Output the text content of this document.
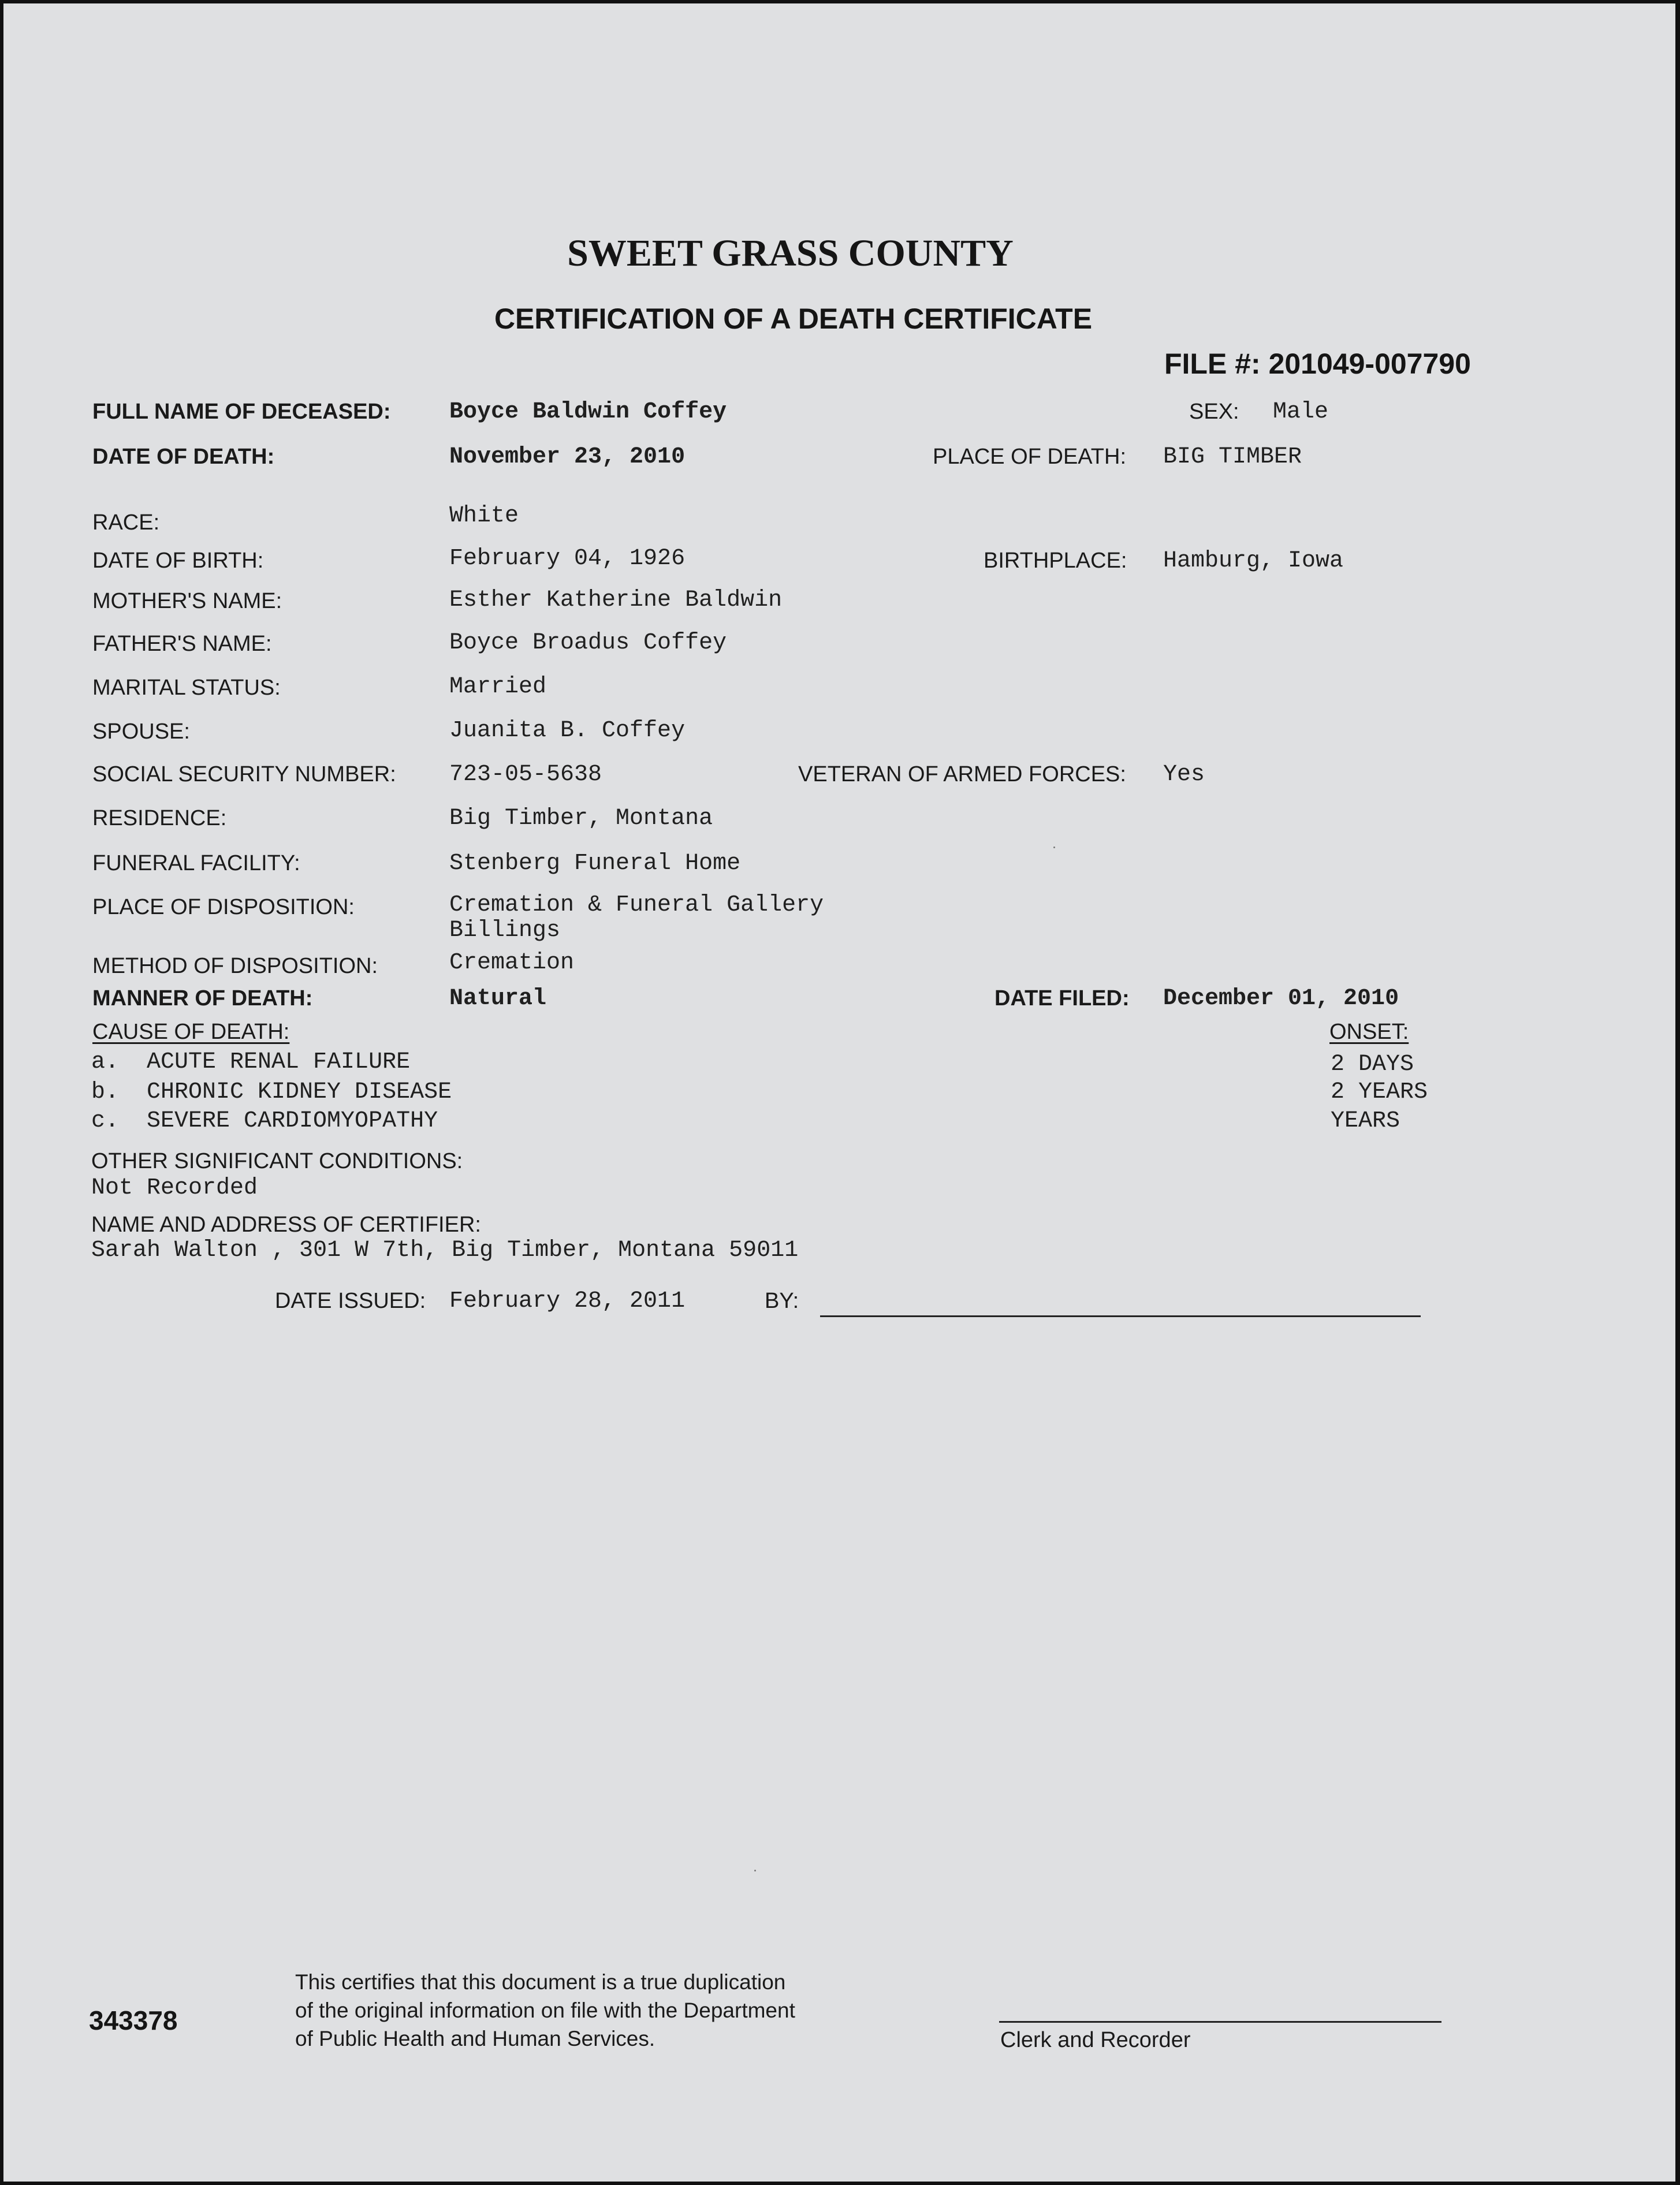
SWEET GRASS COUNTY
CERTIFICATION OF A DEATH CERTIFICATE
FILE #: 201049-007790
FULL NAME OF DECEASED:	Boyce Baldwin Coffey	SEX: Male
DATE OF DEATH:	November 23, 2010	PLACE OF DEATH: BIG TIMBER
RACE:	White
DATE OF BIRTH:	February 04, 1926	BIRTHPLACE: Hamburg, Iowa
MOTHER'S NAME:	Esther Katherine Baldwin
FATHER'S NAME:	Boyce Broadus Coffey
MARITAL STATUS:	Married
SPOUSE:	Juanita B. Coffey
SOCIAL SECURITY NUMBER: 723-05-5638	VETERAN OF ARMED FORCES: Yes
RESIDENCE:	Big Timber, Montana
FUNERAL FACILITY:	Stenberg Funeral Home
PLACE OF DISPOSITION:	Cremation & Funeral Gallery
Billings
METHOD OF DISPOSITION:	Cremation
MANNER OF DEATH:	Natural	DATE FILED: December 01, 2010
CAUSE OF DEATH:	ONSET:
a. ACUTE RENAL FAILURE	2 DAYS
b. CHRONIC KIDNEY DISEASE	2 YEARS
c. SEVERE CARDIOMYOPATHY	YEARS
OTHER SIGNIFICANT CONDITIONS:
Not Recorded
NAME AND ADDRESS OF CERTIFIER:
Sarah Walton , 301 W 7th, Big Timber, Montana 59011
DATE ISSUED: February 28, 2011	BY:
343378
This certifies that this document is a true duplication
of the original information on file with the Department
of Public Health and Human Services.	Clerk and Recorder
